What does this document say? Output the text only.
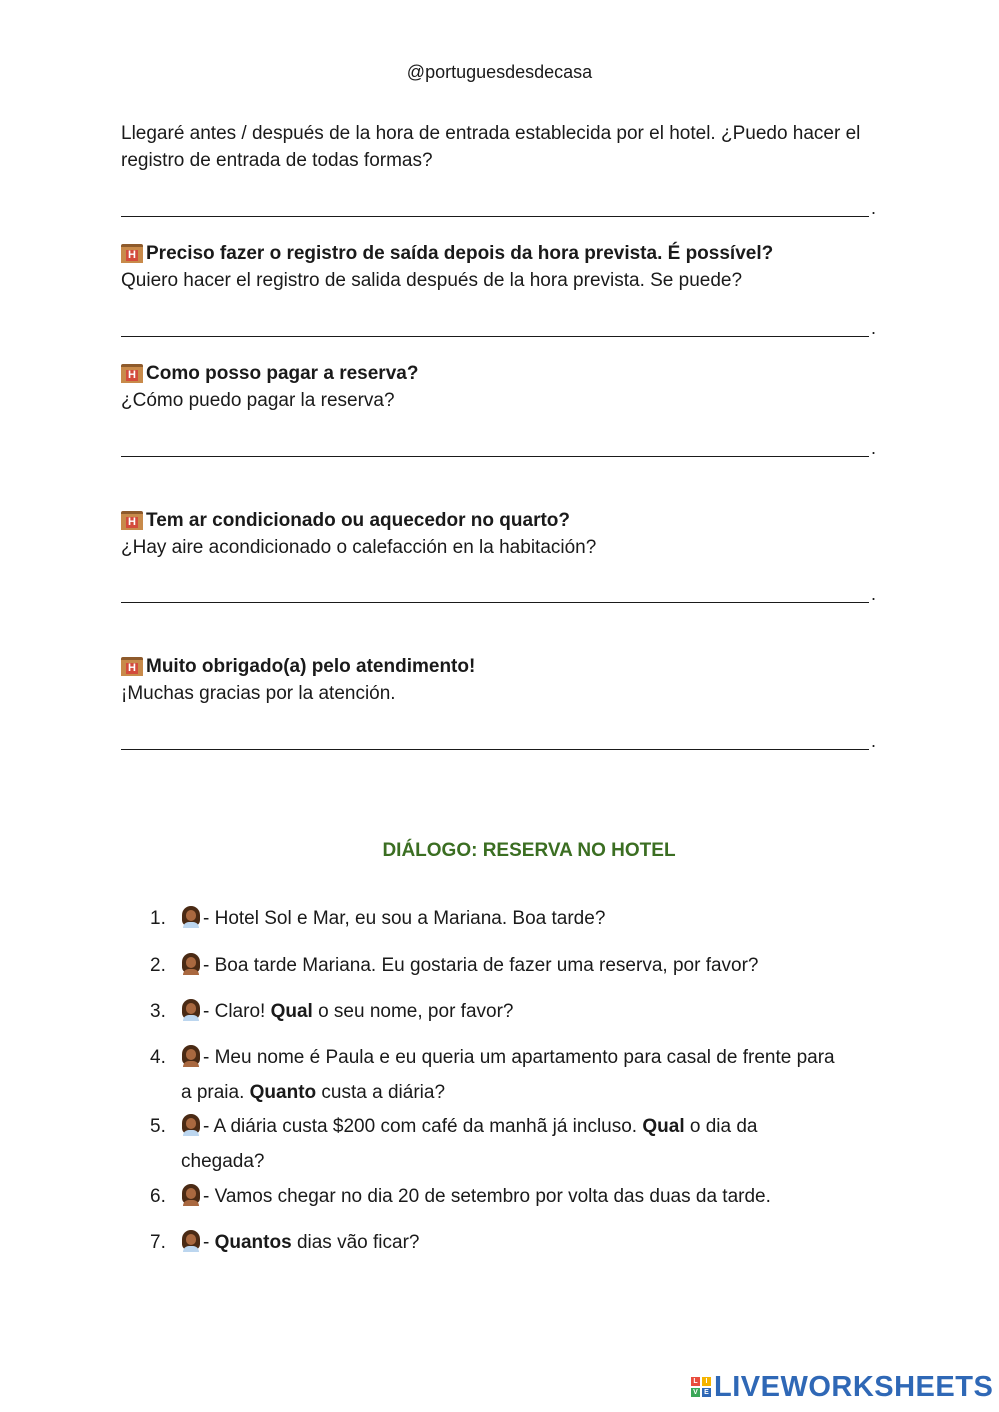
@portuguesdesdecasa
Llegaré antes / después de la hora de entrada establecida por el hotel. ¿Puedo hacer el registro de entrada de todas formas?
.
H Preciso fazer o registro de saída depois da hora prevista. É possível?
Quiero hacer el registro de salida después de la hora prevista. Se puede?
.
H Como posso pagar a reserva?
¿Cómo puedo pagar la reserva?
.
H Tem ar condicionado ou aquecedor no quarto?
¿Hay aire acondicionado o calefacción en la habitación?
.
H Muito obrigado(a) pelo atendimento!
¡Muchas gracias por la atención.
.
DIÁLOGO: RESERVA NO HOTEL
1. - Hotel Sol e Mar, eu sou a Mariana. Boa tarde?
2. - Boa tarde Mariana. Eu gostaria de fazer uma reserva, por favor?
3. - Claro! Qual o seu nome, por favor?
4. - Meu nome é Paula e eu queria um apartamento para casal de frente para
a praia. Quanto custa a diária?
5. - A diária custa $200 com café da manhã já incluso. Qual o dia da
chegada?
6. - Vamos chegar no dia 20 de setembro por volta das duas da tarde.
7. - Quantos dias vão ficar?
L	I
V E LIVEWORKSHEETS
